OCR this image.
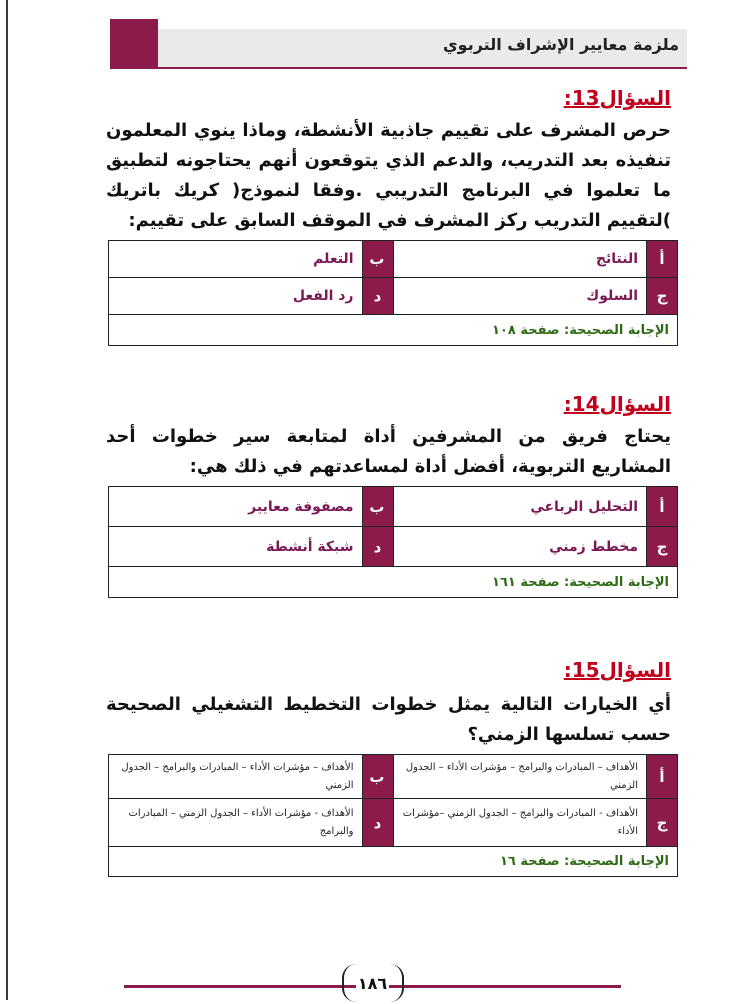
ملزمة معايير الإشراف التربوي
السؤال13:
حرص المشرف على تقييم جاذبية الأنشطة، وماذا ينوي المعلمون تنفيذه بعد التدريب، والدعم الذي يتوقعون أنهم يحتاجونه لتطبيق ما تعلموا في البرنامج التدريبي .وفقا لنموذج( كريك باتريك )لتقييم التدريب ركز المشرف في الموقف السابق على تقييم:
أ	النتائج	ب	التعلم
ج	السلوك	د	رد الفعل
الإجابة الصحيحة: صفحة ١٠٨			
السؤال14:
يحتاج فريق من المشرفين أداة لمتابعة سير خطوات أحد المشاريع التربوية، أفضل أداة لمساعدتهم في ذلك هي:
أ	التحليل الرباعي	ب	مصفوفة معايير
ج	مخطط زمني	د	شبكة أنشطة
الإجابة الصحيحة: صفحة ١٦١			
السؤال15:
أي الخيارات التالية يمثل خطوات التخطيط التشغيلي الصحيحة حسب تسلسها الزمني؟
أ	الأهداف – المبادرات والبرامج – مؤشرات الأداء – الجدول الزمني	ب	الأهداف – مؤشرات الأداء – المبادرات والبرامج – الجدول الزمني
ج	الأهداف - المبادرات والبرامج – الجدول الزمني –مؤشرات الأداء	د	الأهداف - مؤشرات الأداء – الجدول الزمني – المبادرات والبرامج
الإجابة الصحيحة: صفحة ١٦			
١٨٦
